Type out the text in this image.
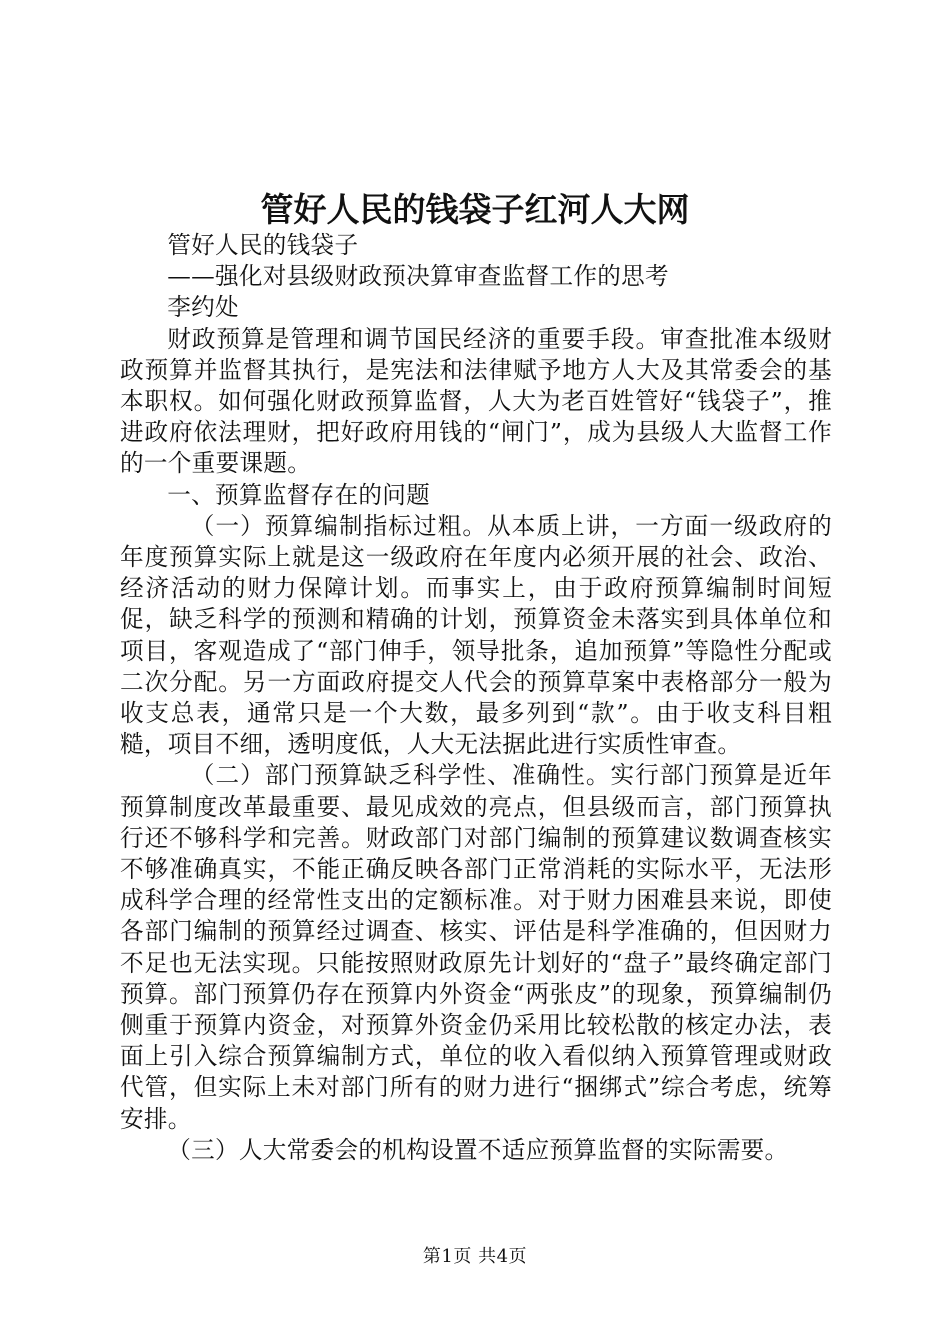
管好人民的钱袋子红河人大网

管好人民的钱袋子

——强化对县级财政预决算审查监督工作的思考

李约处

财政预算是管理和调节国民经济的重要手段。审查批准本级财政预算并监督其执行，是宪法和法律赋予地方人大及其常委会的基本职权。如何强化财政预算监督，人大为老百姓管好“钱袋子”，推进政府依法理财，把好政府用钱的“闸门”，成为县级人大监督工作的一个重要课题。

一、预算监督存在的问题

（一）预算编制指标过粗。从本质上讲，一方面一级政府的年度预算实际上就是这一级政府在年度内必须开展的社会、政治、经济活动的财力保障计划。而事实上，由于政府预算编制时间短促，缺乏科学的预测和精确的计划，预算资金未落实到具体单位和项目，客观造成了“部门伸手，领导批条，追加预算”等隐性分配或二次分配。另一方面政府提交人代会的预算草案中表格部分一般为收支总表，通常只是一个大数，最多列到“款”。由于收支科目粗糙，项目不细，透明度低，人大无法据此进行实质性审查。

（二）部门预算缺乏科学性、准确性。实行部门预算是近年预算制度改革最重要、最见成效的亮点，但县级而言，部门预算执行还不够科学和完善。财政部门对部门编制的预算建议数调查核实不够准确真实，不能正确反映各部门正常消耗的实际水平，无法形成科学合理的经常性支出的定额标准。对于财力困难县来说，即使各部门编制的预算经过调查、核实、评估是科学准确的，但因财力不足也无法实现。只能按照财政原先计划好的“盘子”最终确定部门预算。部门预算仍存在预算内外资金“两张皮”的现象，预算编制仍侧重于预算内资金，对预算外资金仍采用比较松散的核定办法，表面上引入综合预算编制方式，单位的收入看似纳入预算管理或财政代管，但实际上未对部门所有的财力进行“捆绑式”综合考虑，统筹安排。

（三）人大常委会的机构设置不适应预算监督的实际需要。

第1页 共4页
